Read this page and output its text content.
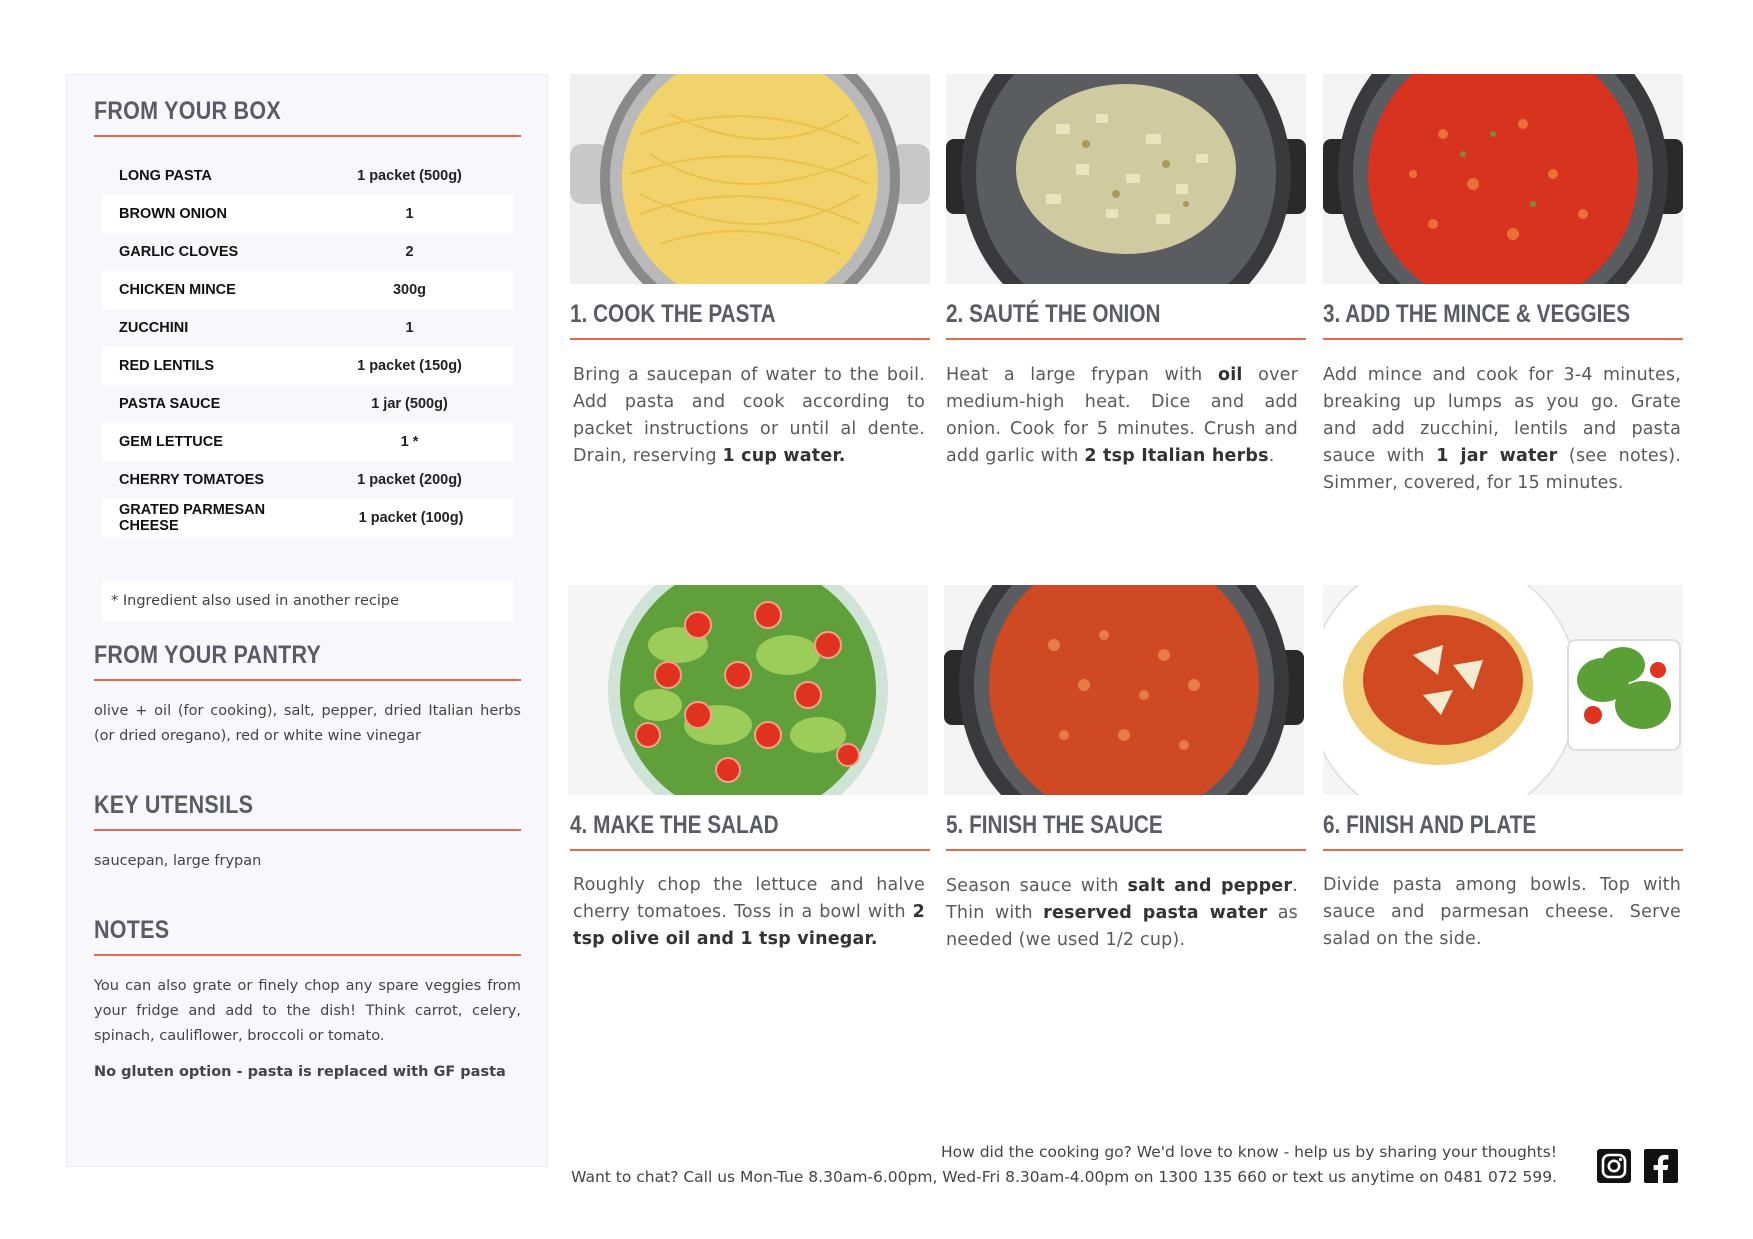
FROM YOUR BOX
LONG PASTA	1 packet (500g)
BROWN ONION	1
GARLIC CLOVES	2
CHICKEN MINCE	300g
ZUCCHINI	1
RED LENTILS	1 packet (150g)
PASTA SAUCE	1 jar (500g)
GEM LETTUCE	1 *
CHERRY TOMATOES	1 packet (200g)
GRATED PARMESAN CHEESE	1 packet (100g)
* Ingredient also used in another recipe
FROM YOUR PANTRY

olive + oil (for cooking), salt, pepper, dried Italian herbs (or dried oregano), red or white wine vinegar

KEY UTENSILS

saucepan, large frypan

NOTES

You can also grate or finely chop any spare veggies from your fridge and add to the dish! Think carrot, celery, spinach, cauliflower, broccoli or tomato.

No gluten option - pasta is replaced with GF pasta

1. COOK THE PASTA

Bring a saucepan of water to the boil. Add pasta and cook according to packet instructions or until al dente. Drain, reserving 1 cup water.

2. SAUTÉ THE ONION

Heat a large frypan with oil over medium-high heat. Dice and add onion. Cook for 5 minutes. Crush and add garlic with 2 tsp Italian herbs.

3. ADD THE MINCE & VEGGIES

Add mince and cook for 3-4 minutes, breaking up lumps as you go. Grate and add zucchini, lentils and pasta sauce with 1 jar water (see notes). Simmer, covered, for 15 minutes.

4. MAKE THE SALAD

Roughly chop the lettuce and halve cherry tomatoes. Toss in a bowl with 2 tsp olive oil and 1 tsp vinegar.

5. FINISH THE SAUCE

Season sauce with salt and pepper. Thin with reserved pasta water as needed (we used 1/2 cup).

6. FINISH AND PLATE

Divide pasta among bowls. Top with sauce and parmesan cheese. Serve salad on the side.

How did the cooking go? We'd love to know - help us by sharing your thoughts!
Want to chat? Call us Mon-Tue 8.30am-6.00pm, Wed-Fri 8.30am-4.00pm on 1300 135 660 or text us anytime on 0481 072 599.
